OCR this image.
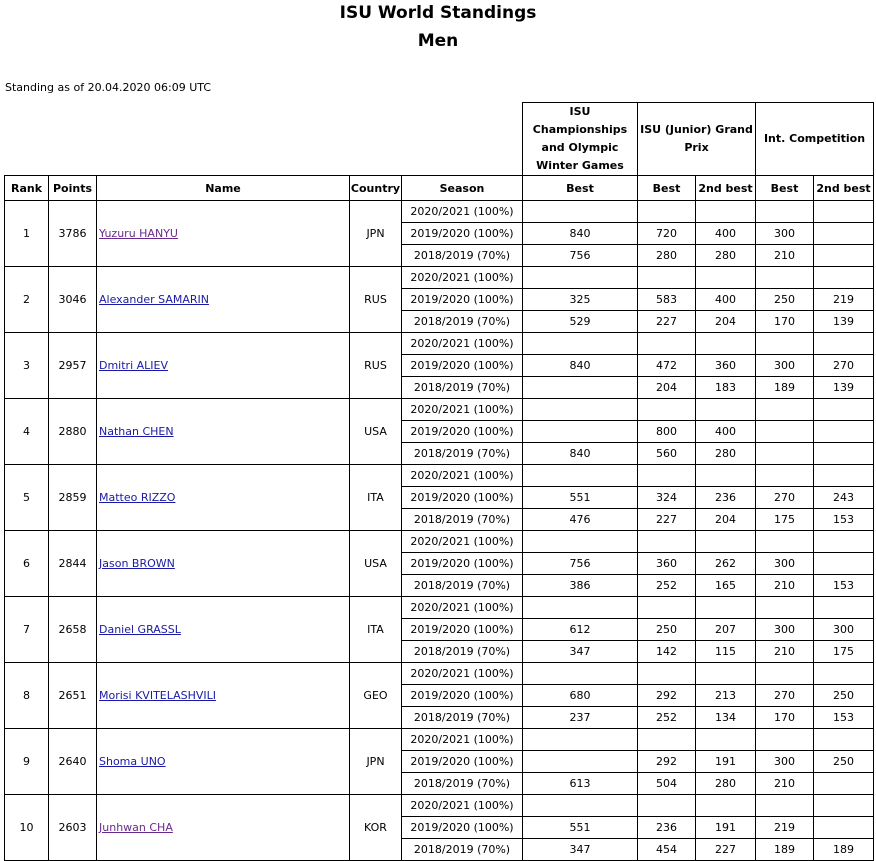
ISU World Standings
Men
Standing as of 20.04.2020 06:09 UTC
					ISU Championships and Olympic Winter Games	ISU (Junior) Grand Prix		Int. Competition	
Rank	Points	Name	Country	Season	Best	Best	2nd best	Best	2nd best
1	3786	Yuzuru HANYU	JPN	2020/2021 (100%)					
				2019/2020 (100%)	840	720	400	300	
				2018/2019 (70%)	756	280	280	210	
2	3046	Alexander SAMARIN	RUS	2020/2021 (100%)					
				2019/2020 (100%)	325	583	400	250	219
				2018/2019 (70%)	529	227	204	170	139
3	2957	Dmitri ALIEV	RUS	2020/2021 (100%)					
				2019/2020 (100%)	840	472	360	300	270
				2018/2019 (70%)		204	183	189	139
4	2880	Nathan CHEN	USA	2020/2021 (100%)					
				2019/2020 (100%)		800	400		
				2018/2019 (70%)	840	560	280		
5	2859	Matteo RIZZO	ITA	2020/2021 (100%)					
				2019/2020 (100%)	551	324	236	270	243
				2018/2019 (70%)	476	227	204	175	153
6	2844	Jason BROWN	USA	2020/2021 (100%)					
				2019/2020 (100%)	756	360	262	300	
				2018/2019 (70%)	386	252	165	210	153
7	2658	Daniel GRASSL	ITA	2020/2021 (100%)					
				2019/2020 (100%)	612	250	207	300	300
				2018/2019 (70%)	347	142	115	210	175
8	2651	Morisi KVITELASHVILI	GEO	2020/2021 (100%)					
				2019/2020 (100%)	680	292	213	270	250
				2018/2019 (70%)	237	252	134	170	153
9	2640	Shoma UNO	JPN	2020/2021 (100%)					
				2019/2020 (100%)		292	191	300	250
				2018/2019 (70%)	613	504	280	210	
10	2603	Junhwan CHA	KOR	2020/2021 (100%)					
				2019/2020 (100%)	551	236	191	219	
				2018/2019 (70%)	347	454	227	189	189
